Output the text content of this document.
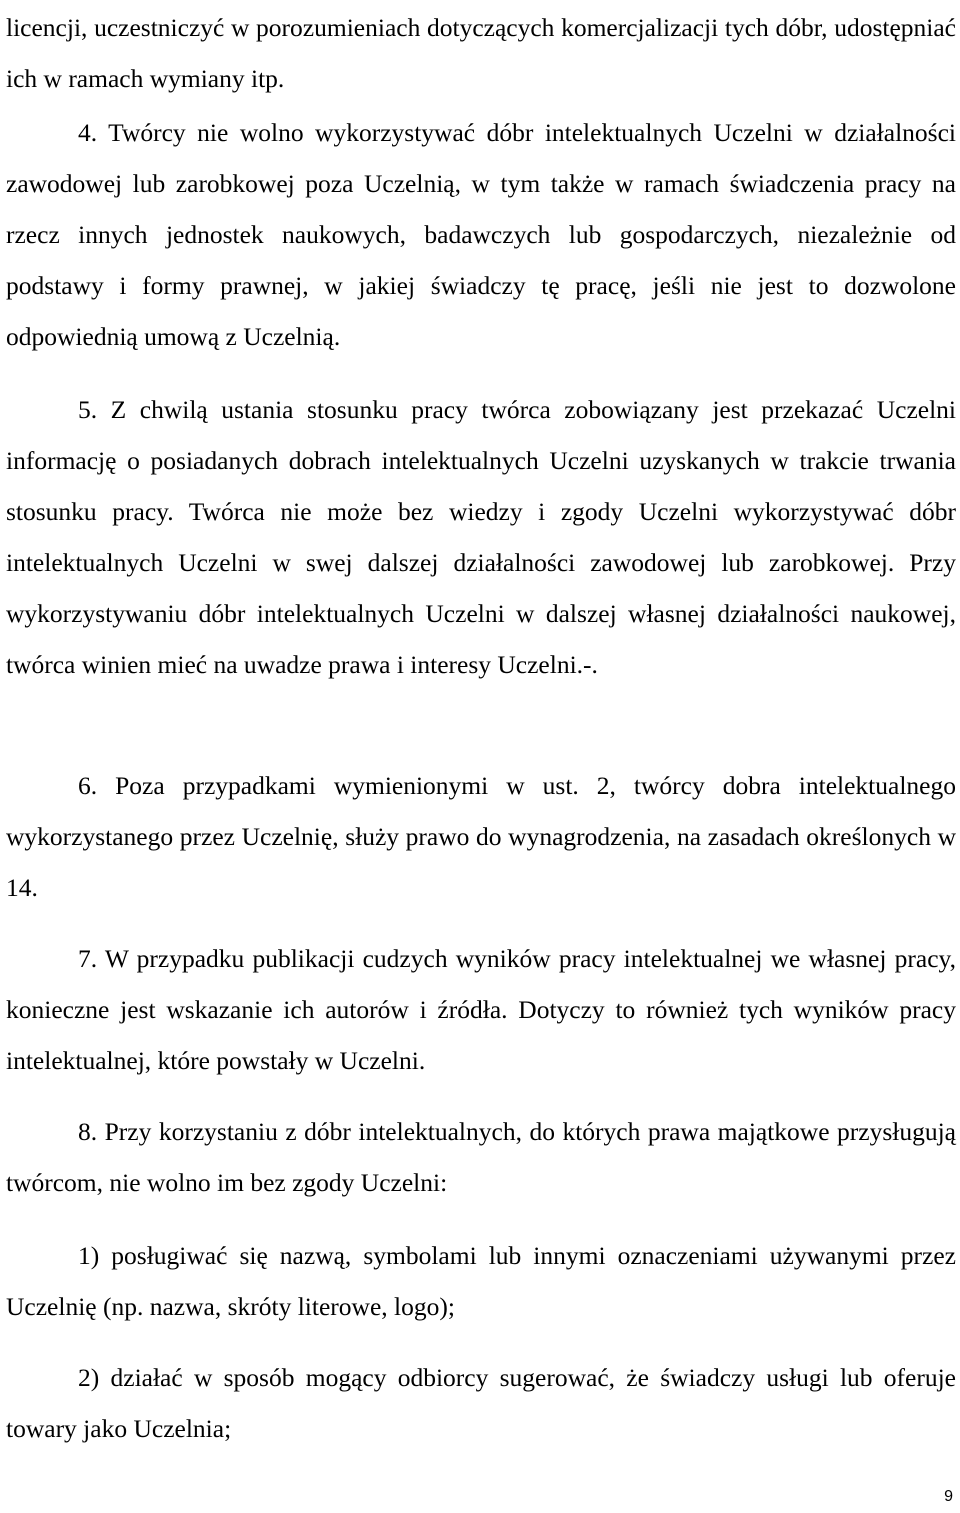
licencji, uczestniczyć w porozumieniach dotyczących komercjalizacji tych dóbr, udostępniać ich w ramach wymiany itp.

4. Twórcy nie wolno wykorzystywać dóbr intelektualnych Uczelni w działalności zawodowej lub zarobkowej poza Uczelnią, w tym także w ramach świadczenia pracy na rzecz innych jednostek naukowych, badawczych lub gospodarczych, niezależnie od podstawy i formy prawnej, w jakiej świadczy tę pracę, jeśli nie jest to dozwolone odpowiednią umową z Uczelnią.

5. Z chwilą ustania stosunku pracy twórca zobowiązany jest przekazać Uczelni informację o posiadanych dobrach intelektualnych Uczelni uzyskanych w trakcie trwania stosunku pracy. Twórca nie może bez wiedzy i zgody Uczelni wykorzystywać dóbr intelektualnych Uczelni w swej dalszej działalności zawodowej lub zarobkowej. Przy wykorzystywaniu dóbr intelektualnych Uczelni w dalszej własnej działalności naukowej, twórca winien mieć na uwadze prawa i interesy Uczelni.-.

6. Poza przypadkami wymienionymi w ust. 2, twórcy dobra intelektualnego wykorzystanego przez Uczelnię, służy prawo do wynagrodzenia, na zasadach określonych w 14.

7. W przypadku publikacji cudzych wyników pracy intelektualnej we własnej pracy, konieczne jest wskazanie ich autorów i źródła. Dotyczy to również tych wyników pracy intelektualnej, które powstały w Uczelni.

8. Przy korzystaniu z dóbr intelektualnych, do których prawa majątkowe przysługują twórcom, nie wolno im bez zgody Uczelni:

1) posługiwać się nazwą, symbolami lub innymi oznaczeniami używanymi przez Uczelnię (np. nazwa, skróty literowe, logo);

2) działać w sposób mogący odbiorcy sugerować, że świadczy usługi lub oferuje towary jako Uczelnia;

9
